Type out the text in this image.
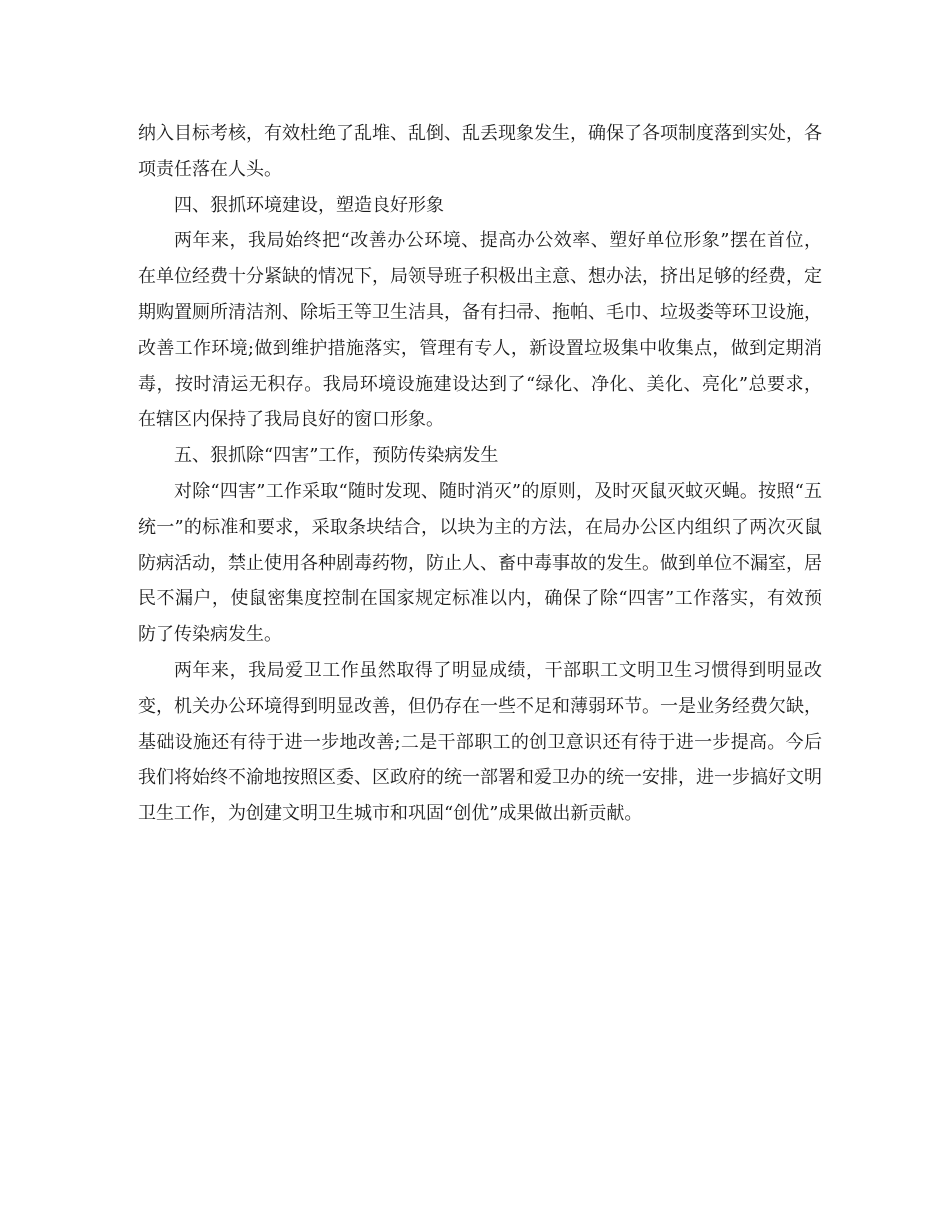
纳入目标考核，有效杜绝了乱堆、乱倒、乱丢现象发生，确保了各项制度落到实处，各项责任落在人头。

四、狠抓环境建设，塑造良好形象

两年来，我局始终把“改善办公环境、提高办公效率、塑好单位形象”摆在首位，在单位经费十分紧缺的情况下，局领导班子积极出主意、想办法，挤出足够的经费，定期购置厕所清洁剂、除垢王等卫生洁具，备有扫帚、拖帕、毛巾、垃圾娄等环卫设施，改善工作环境;做到维护措施落实，管理有专人，新设置垃圾集中收集点，做到定期消毒，按时清运无积存。我局环境设施建设达到了“绿化、净化、美化、亮化”总要求，在辖区内保持了我局良好的窗口形象。

五、狠抓除“四害”工作，预防传染病发生

对除“四害”工作采取“随时发现、随时消灭”的原则，及时灭鼠灭蚊灭蝇。按照“五统一”的标准和要求，采取条块结合，以块为主的方法，在局办公区内组织了两次灭鼠防病活动，禁止使用各种剧毒药物，防止人、畜中毒事故的发生。做到单位不漏室，居民不漏户，使鼠密集度控制在国家规定标准以内，确保了除“四害”工作落实，有效预防了传染病发生。

两年来，我局爱卫工作虽然取得了明显成绩，干部职工文明卫生习惯得到明显改变，机关办公环境得到明显改善，但仍存在一些不足和薄弱环节。一是业务经费欠缺，基础设施还有待于进一步地改善;二是干部职工的创卫意识还有待于进一步提高。今后我们将始终不渝地按照区委、区政府的统一部署和爱卫办的统一安排，进一步搞好文明卫生工作，为创建文明卫生城市和巩固“创优”成果做出新贡献。
